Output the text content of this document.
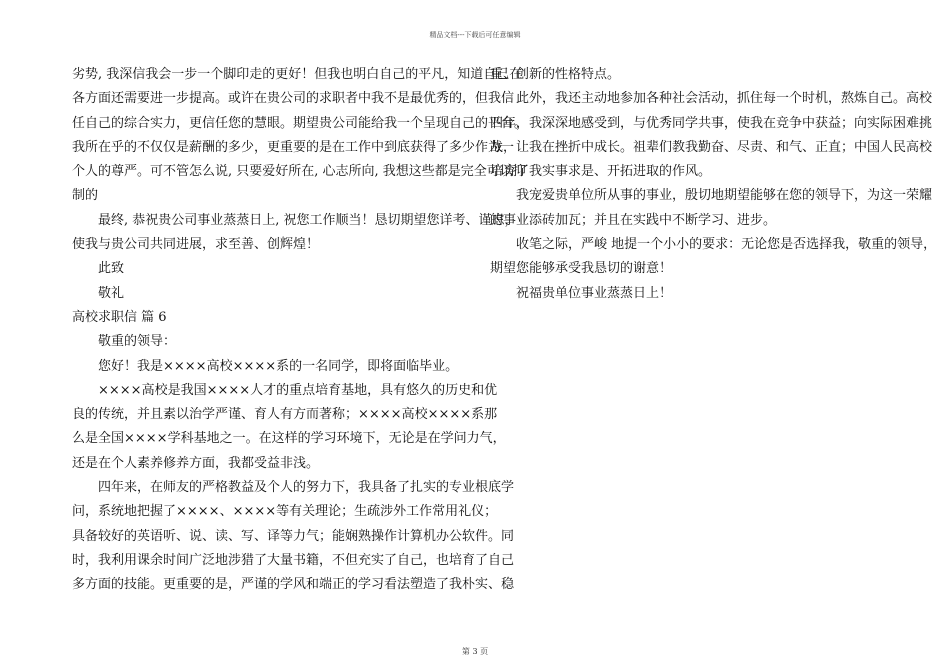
精品文档---下载后可任意编辑

劣势, 我深信我会一步一个脚印走的更好！但我也明白自己的平凡，知道自己在

各方面还需要进一步提高。或许在贵公司的求职者中我不是最优秀的，但我信

任自己的综合实力，更信任您的慧眼。期望贵公司能给我一个呈现自己的平台。

我所在乎的不仅仅是薪酬的多少，更重要的是在工作中到底获得了多少作为一

个人的尊严。可不管怎么说, 只要爱好所在, 心志所向, 我想这些都是完全可以抑

制的

最终, 恭祝贵公司事业蒸蒸日上, 祝您工作顺当！恳切期望您详考、谨虑，

使我与贵公司共同进展，求至善、创辉煌！

此致

敬礼

高校求职信 篇 6

敬重的领导：

您好！我是××××高校××××系的一名同学，即将面临毕业。

××××高校是我国××××人才的重点培育基地，具有悠久的历史和优

良的传统，并且素以治学严谨、育人有方而著称；××××高校××××系那

么是全国××××学科基地之一。在这样的学习环境下，无论是在学问力气，

还是在个人素养修养方面，我都受益非浅。

四年来，在师友的严格教益及个人的努力下，我具备了扎实的专业根底学

问，系统地把握了××××、××××等有关理论；生疏涉外工作常用礼仪；

具备较好的英语听、说、读、写、译等力气；能娴熟操作计算机办公软件。同

时，我利用课余时间广泛地涉猎了大量书籍，不但充实了自己，也培育了自己

多方面的技能。更重要的是，严谨的学风和端正的学习看法塑造了我朴实、稳

重、创新的性格特点。

此外，我还主动地参加各种社会活动，抓住每一个时机，熬炼自己。高校

四年，我深深地感受到，与优秀同学共事，使我在竞争中获益；向实际困难挑

战，让我在挫折中成长。祖辈们教我勤奋、尽责、和气、正直；中国人民高校

培育了我实事求是、开拓进取的作风。

我宠爱贵单位所从事的事业，殷切地期望能够在您的领导下，为这一荣耀

的事业添砖加瓦；并且在实践中不断学习、进步。

收笔之际，严峻 地提一个小小的要求：无论您是否选择我，敬重的领导，

期望您能够承受我恳切的谢意！

祝福贵单位事业蒸蒸日上！

第 3 页
